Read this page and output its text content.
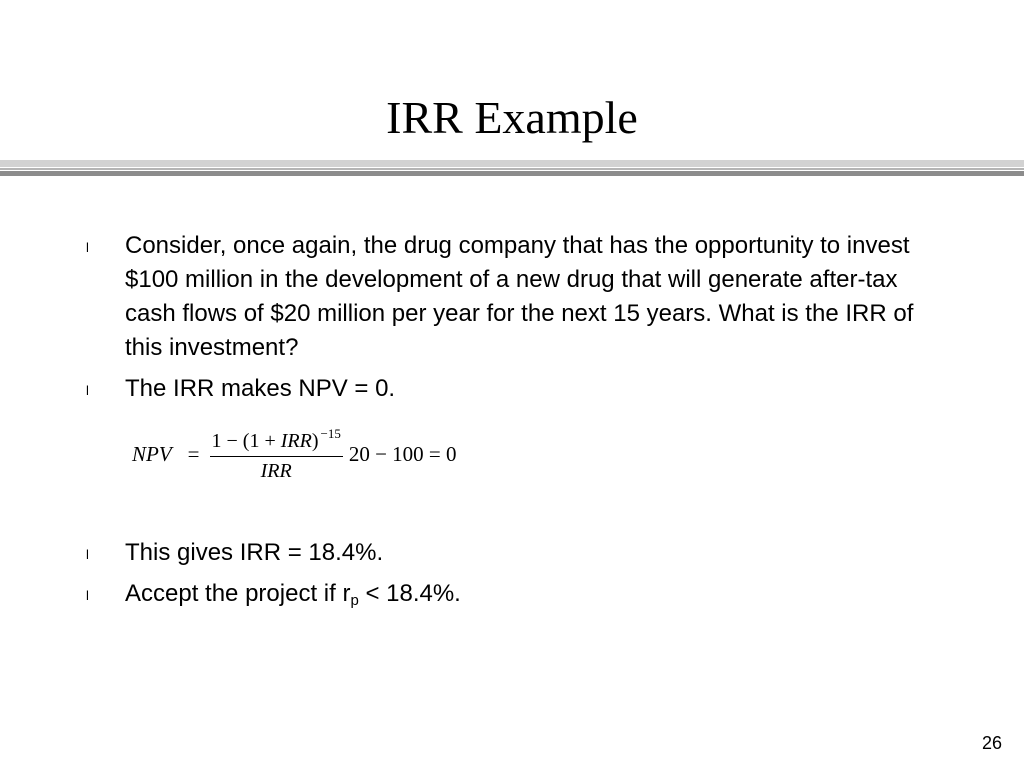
IRR Example
l Consider, once again, the drug company that has the opportunity to invest $100 million in the development of a new drug that will generate after-tax cash flows of $20 million per year for the next 15 years. What is the IRR of this investment?
l The IRR makes NPV = 0.
NPV = $\frac{1 - (1 + IRR) ^{-15}}{\text{IRR}} 20 - 100 = 0$
l This gives IRR = 18.4%.
l Accept the project if $r_p < 18.4\%$.
26
